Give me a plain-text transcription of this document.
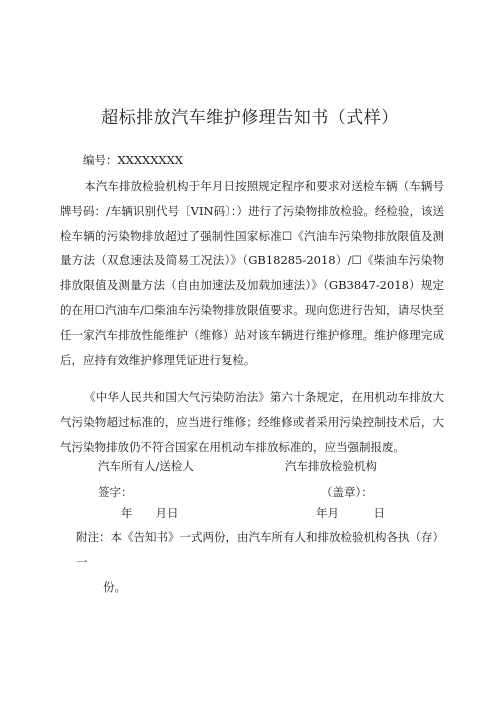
超标排放汽车维护修理告知书（式样）
编号：XXXXXXXX
本汽车排放检验机构于年月日按照规定程序和要求对送检车辆（车辆号牌号码：/车辆识别代号〔VIN码〕：）进行了污染物排放检验。经检验，该送检车辆的污染物排放超过了强制性国家标准☐《汽油车污染物排放限值及测量方法（双怠速法及简易工况法）》（GB18285-2018）/☐《柴油车污染物排放限值及测量方法（自由加速法及加载加速法）》（GB3847-2018）规定的在用☐汽油车/☐柴油车污染物排放限值要求。现向您进行告知，请尽快至任一家汽车排放性能维护（维修）站对该车辆进行维护修理。维护修理完成后，应持有效维护修理凭证进行复检。
《中华人民共和国大气污染防治法》第六十条规定，在用机动车排放大气污染物超过标准的，应当进行维修；经维修或者采用污染控制技术后，大气污染物排放仍不符合国家在用机动车排放标准的，应当强制报废。
汽车所有人/送检人	汽车排放检验机构
签字：	（盖章）：
年　　月日	年月　　　日
附注：本《告知书》一式两份，由汽车所有人和排放检验机构各执（存）一
份。
